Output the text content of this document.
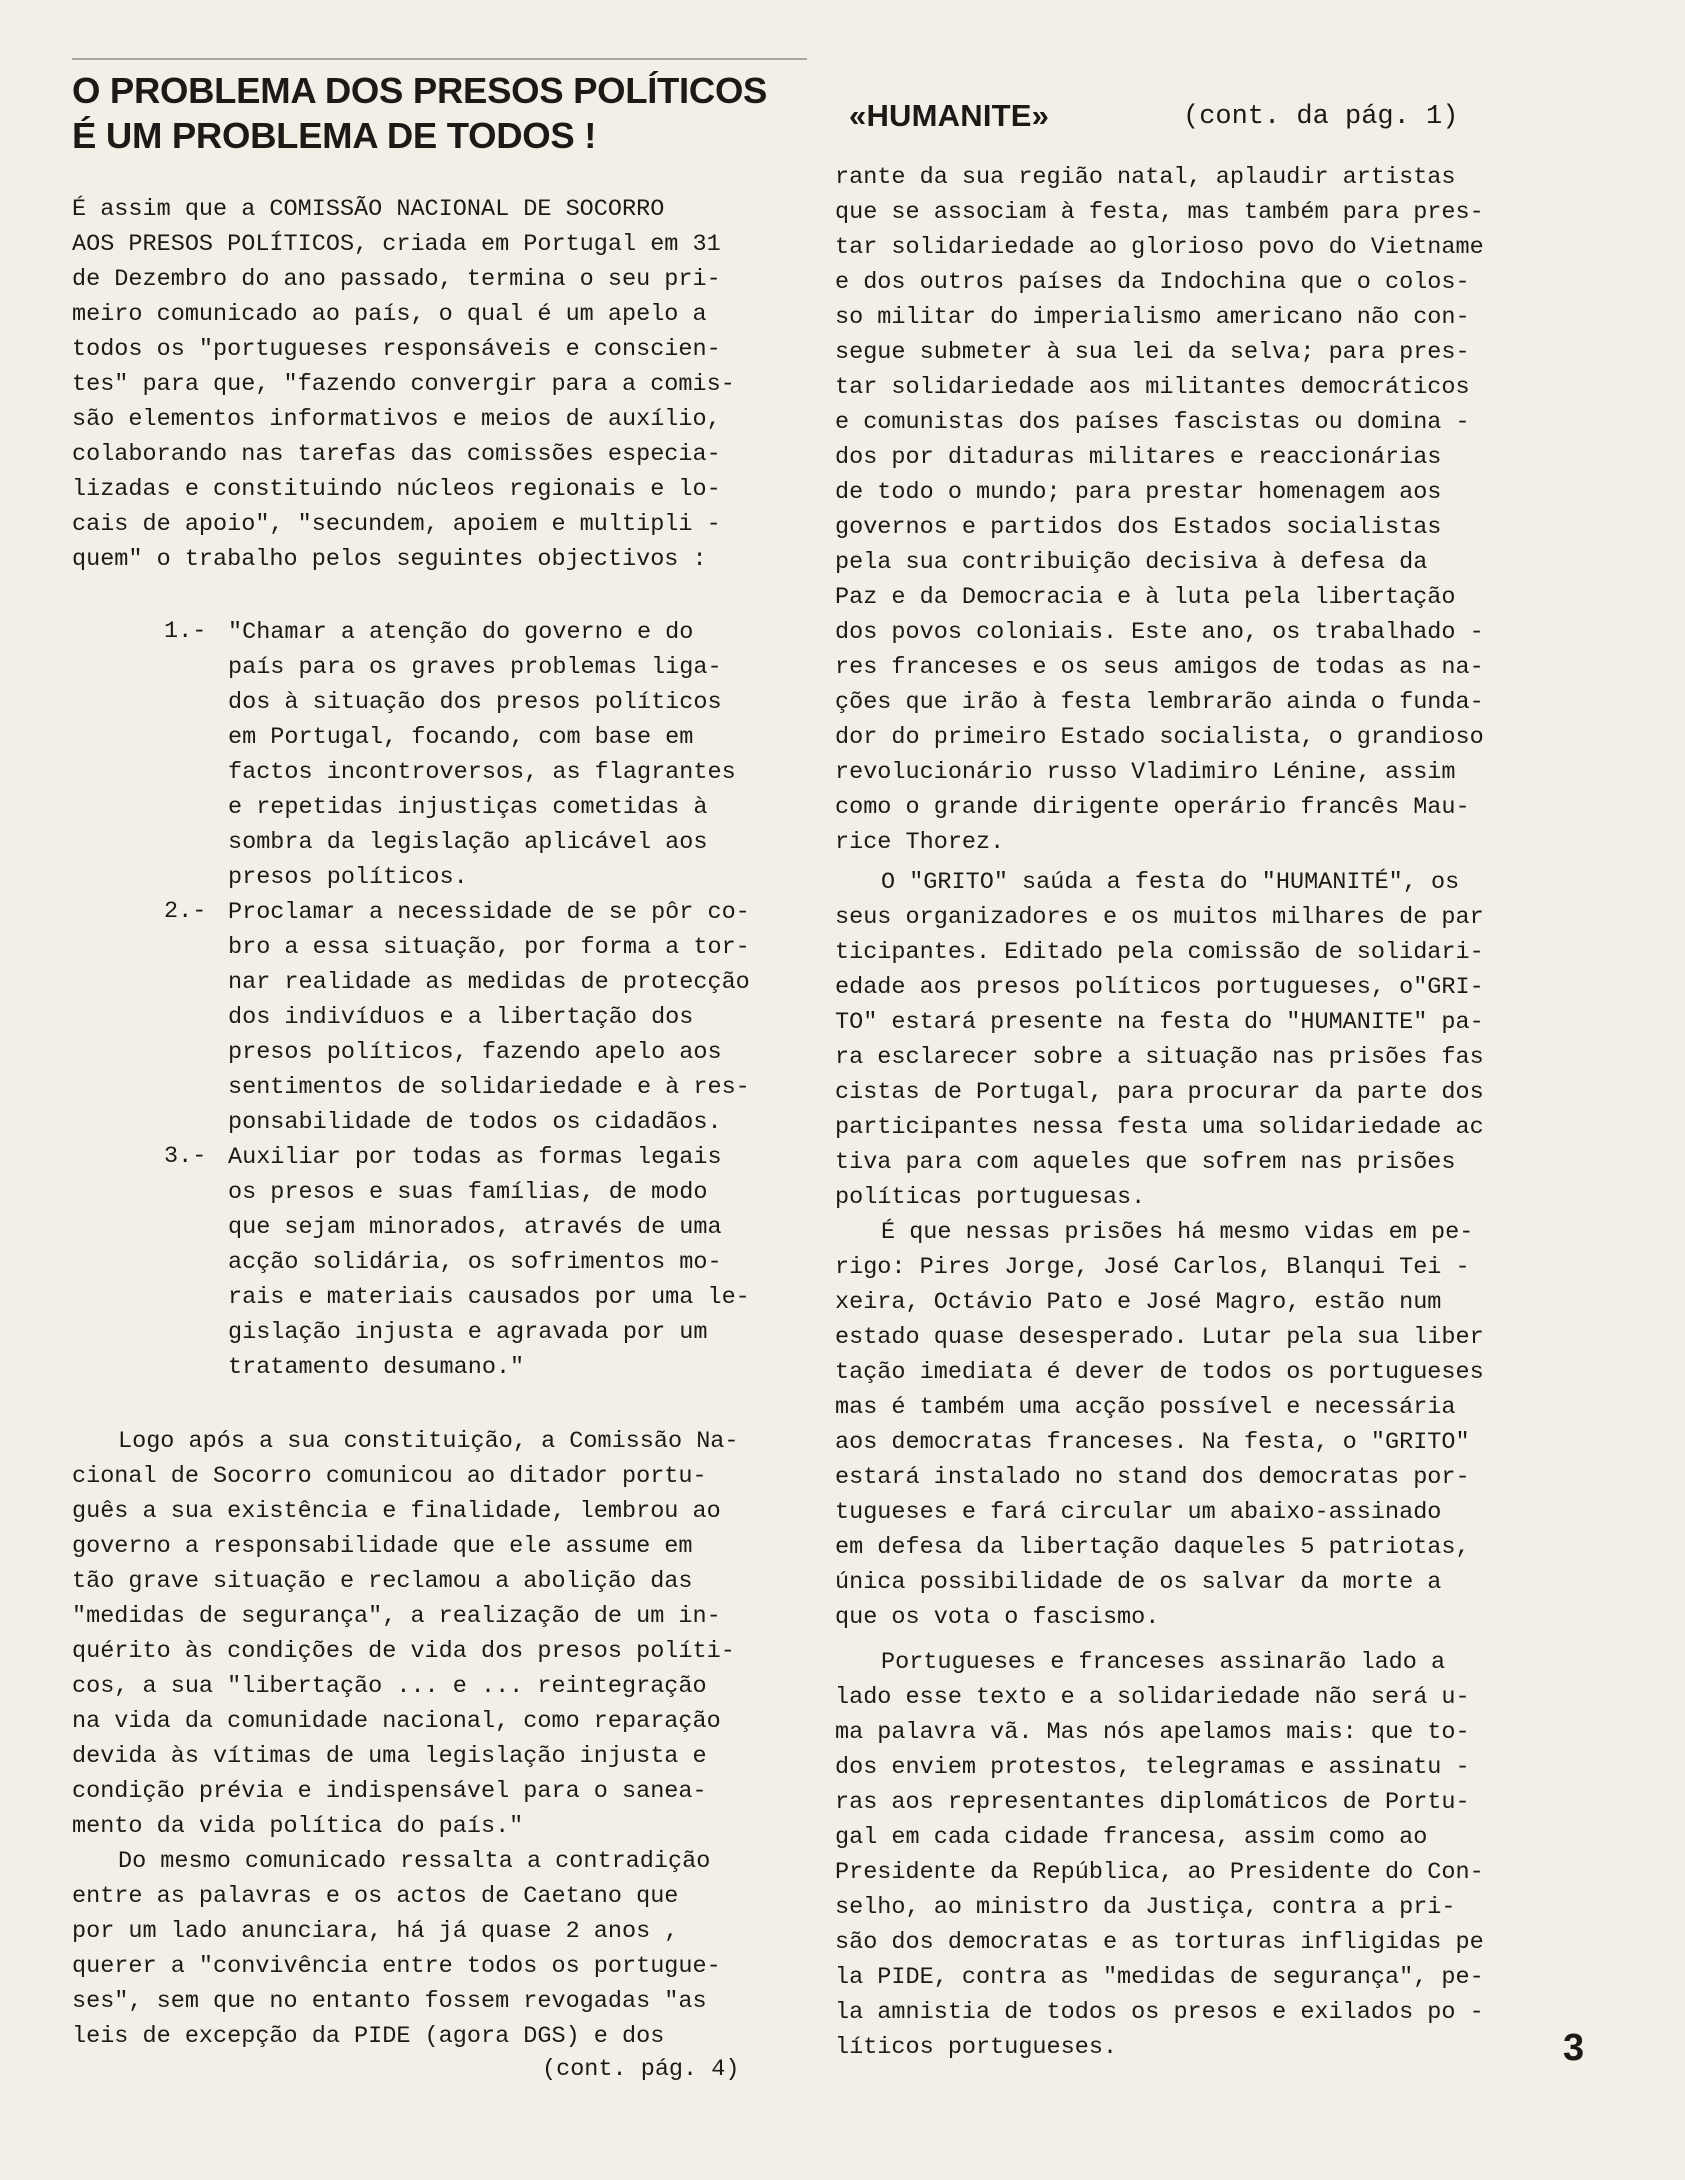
O PROBLEMA DOS PRESOS POLÍTICOS
É UM PROBLEMA DE TODOS !
É assim que a COMISSÃO NACIONAL DE SOCORRO
AOS PRESOS POLÍTICOS, criada em Portugal em 31
de Dezembro do ano passado, termina o seu pri-
meiro comunicado ao país, o qual é um apelo a
todos os "portugueses responsáveis e conscien-
tes" para que, "fazendo convergir para a comis-
são elementos informativos e meios de auxílio,
colaborando nas tarefas das comissões especia-
lizadas e constituindo núcleos regionais e lo-
cais de apoio", "secundem, apoiem e multipli -
quem" o trabalho pelos seguintes objectivos :
1.- "Chamar a atenção do governo e do
país para os graves problemas liga-
dos à situação dos presos políticos
em Portugal, focando, com base em
factos incontroversos, as flagrantes
e repetidas injustiças cometidas à
sombra da legislação aplicável aos
presos políticos.
2.- Proclamar a necessidade de se pôr co-
bro a essa situação, por forma a tor-
nar realidade as medidas de protecção
dos indivíduos e a libertação dos
presos políticos, fazendo apelo aos
sentimentos de solidariedade e à res-
ponsabilidade de todos os cidadãos.
3.- Auxiliar por todas as formas legais
os presos e suas famílias, de modo
que sejam minorados, através de uma
acção solidária, os sofrimentos mo-
rais e materiais causados por uma le-
gislação injusta e agravada por um
tratamento desumano."
Logo após a sua constituição, a Comissão Na-
cional de Socorro comunicou ao ditador portu-
guês a sua existência e finalidade, lembrou ao
governo a responsabilidade que ele assume em
tão grave situação e reclamou a abolição das
"medidas de segurança", a realização de um in-
quérito às condições de vida dos presos políti-
cos, a sua "libertação ... e ... reintegração
na vida da comunidade nacional, como reparação
devida às vítimas de uma legislação injusta e
condição prévia e indispensável para o sanea-
mento da vida política do país."
Do mesmo comunicado ressalta a contradição
entre as palavras e os actos de Caetano que
por um lado anunciara, há já quase 2 anos ,
querer a "convivência entre todos os portugue-
ses", sem que no entanto fossem revogadas "as
leis de excepção da PIDE (agora DGS) e dos
(cont. pág. 4)
«HUMANITE»	(cont. da pág. 1)
rante da sua região natal, aplaudir artistas
que se associam à festa, mas também para pres-
tar solidariedade ao glorioso povo do Vietname
e dos outros países da Indochina que o colos-
so militar do imperialismo americano não con-
segue submeter à sua lei da selva; para pres-
tar solidariedade aos militantes democráticos
e comunistas dos países fascistas ou domina -
dos por ditaduras militares e reaccionárias
de todo o mundo; para prestar homenagem aos
governos e partidos dos Estados socialistas
pela sua contribuição decisiva à defesa da
Paz e da Democracia e à luta pela libertação
dos povos coloniais. Este ano, os trabalhado -
res franceses e os seus amigos de todas as na-
ções que irão à festa lembrarão ainda o funda-
dor do primeiro Estado socialista, o grandioso
revolucionário russo Vladimiro Lénine, assim
como o grande dirigente operário francês Mau-
rice Thorez.
O "GRITO" saúda a festa do "HUMANITÉ", os
seus organizadores e os muitos milhares de par
ticipantes. Editado pela comissão de solidari-
edade aos presos políticos portugueses, o"GRI-
TO" estará presente na festa do "HUMANITE" pa-
ra esclarecer sobre a situação nas prisões fas
cistas de Portugal, para procurar da parte dos
participantes nessa festa uma solidariedade ac
tiva para com aqueles que sofrem nas prisões
políticas portuguesas.
É que nessas prisões há mesmo vidas em pe-
rigo: Pires Jorge, José Carlos, Blanqui Tei -
xeira, Octávio Pato e José Magro, estão num
estado quase desesperado. Lutar pela sua liber
tação imediata é dever de todos os portugueses
mas é também uma acção possível e necessária
aos democratas franceses. Na festa, o "GRITO"
estará instalado no stand dos democratas por-
tugueses e fará circular um abaixo-assinado
em defesa da libertação daqueles 5 patriotas,
única possibilidade de os salvar da morte a
que os vota o fascismo.
Portugueses e franceses assinarão lado a
lado esse texto e a solidariedade não será u-
ma palavra vã. Mas nós apelamos mais: que to-
dos enviem protestos, telegramas e assinatu -
ras aos representantes diplomáticos de Portu-
gal em cada cidade francesa, assim como ao
Presidente da República, ao Presidente do Con-
selho, ao ministro da Justiça, contra a pri-
são dos democratas e as torturas infligidas pe
la PIDE, contra as "medidas de segurança", pe-
la amnistia de todos os presos e exilados po -
líticos portugueses.	3
